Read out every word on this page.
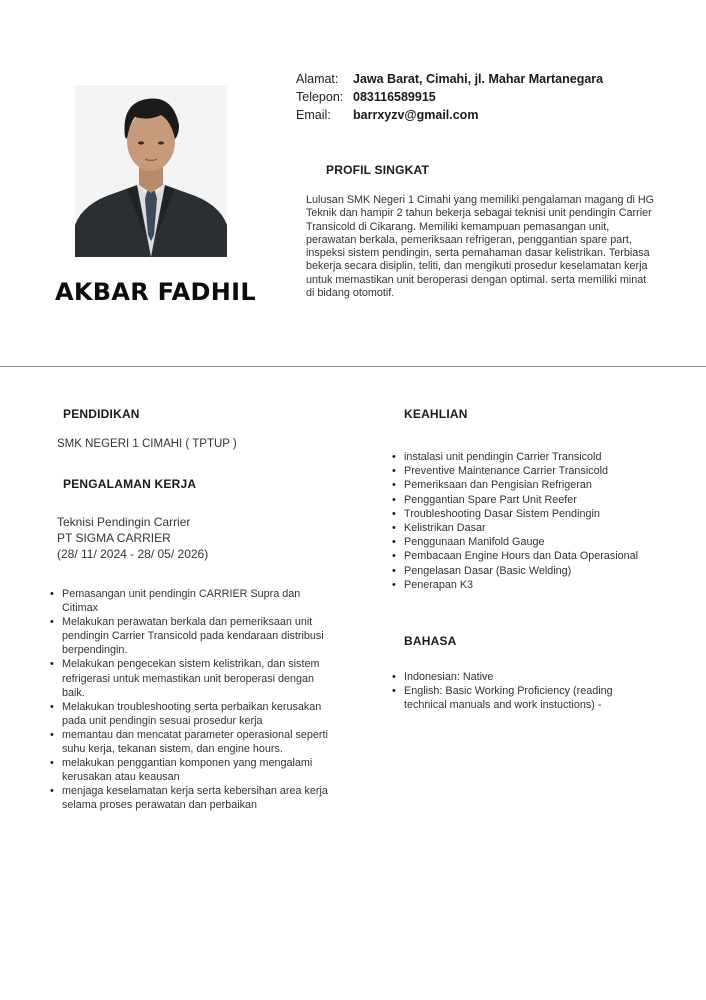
AKBAR FADHIL
Alamat:	Jawa Barat, Cimahi, jl. Mahar Martanegara
Telepon: 083116589915
Email:	barrxyzv@gmail.com
PROFIL SINGKAT
Lulusan SMK Negeri 1 Cimahi yang memiliki pengalaman magang di HG Teknik dan hampir 2 tahun bekerja sebagai teknisi unit pendingin Carrier Transicold di Cikarang. Memiliki kemampuan pemasangan unit, perawatan berkala, pemeriksaan refrigeran, penggantian spare part, inspeksi sistem pendingin, serta pemahaman dasar kelistrikan. Terbiasa bekerja secara disiplin, teliti, dan mengikuti prosedur keselamatan kerja untuk memastikan unit beroperasi dengan optimal. serta memiliki minat di bidang otomotif.
PENDIDIKAN
SMK NEGERI 1 CIMAHI ( TPTUP )
PENGALAMAN KERJA
Teknisi Pendingin Carrier
PT SIGMA CARRIER
(28/ 11/ 2024 - 28/ 05/ 2026)
• Pemasangan unit pendingin CARRIER Supra dan Citimax
• Melakukan perawatan berkala dan pemeriksaan unit pendingin Carrier Transicold pada kendaraan distribusi berpendingin.
• Melakukan pengecekan sistem kelistrikan, dan sistem refrigerasi untuk memastikan unit beroperasi dengan baik.
• Melakukan troubleshooting serta perbaikan kerusakan pada unit pendingin sesuai prosedur kerja
• memantau dan mencatat parameter operasional seperti suhu kerja, tekanan sistem, dan engine hours.
• melakukan penggantian komponen yang mengalami kerusakan atau keausan
• menjaga keselamatan kerja serta kebersihan area kerja selama proses perawatan dan perbaikan
KEAHLIAN
• instalasi unit pendingin Carrier Transicold
• Preventive Maintenance Carrier Transicold
• Pemeriksaan dan Pengisian Refrigeran
• Penggantian Spare Part Unit Reefer
• Troubleshooting Dasar Sistem Pendingin
• Kelistrikan Dasar
• Penggunaan Manifold Gauge
• Pembacaan Engine Hours dan Data Operasional
• Pengelasan Dasar (Basic Welding)
• Penerapan K3
BAHASA
• Indonesian: Native
• English: Basic Working Proficiency (reading technical manuals and work instuctions) -
